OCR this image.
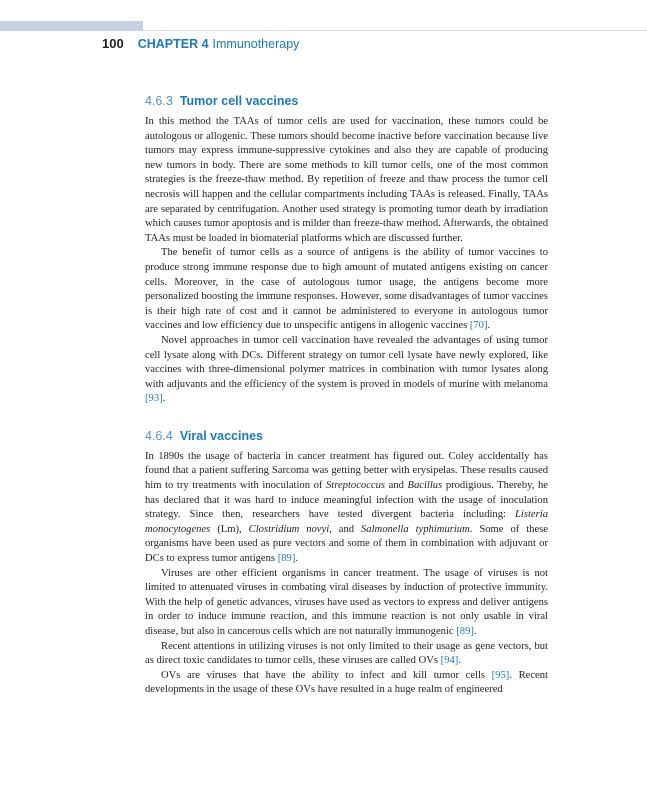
100 CHAPTER 4 Immunotherapy
4.6.3 Tumor cell vaccines

In this method the TAAs of tumor cells are used for vaccination, these tumors could be autologous or allogenic. These tumors should become inactive before vaccination because live tumors may express immune-suppressive cytokines and also they are capable of producing new tumors in body. There are some methods to kill tumor cells, one of the most common strategies is the freeze-thaw method. By repetition of freeze and thaw process the tumor cell necrosis will happen and the cellular compartments including TAAs is released. Finally, TAAs are separated by centrifugation. Another used strategy is promoting tumor death by irradiation which causes tumor apoptosis and is milder than freeze-thaw method. Afterwards, the obtained TAAs must be loaded in biomaterial platforms which are discussed further.

The benefit of tumor cells as a source of antigens is the ability of tumor vaccines to produce strong immune response due to high amount of mutated antigens existing on cancer cells. Moreover, in the case of autologous tumor usage, the antigens become more personalized boosting the immune responses. However, some disadvantages of tumor vaccines is their high rate of cost and it cannot be administered to everyone in autologous tumor vaccines and low efficiency due to unspecific antigens in allogenic vaccines [70].

Novel approaches in tumor cell vaccination have revealed the advantages of using tumor cell lysate along with DCs. Different strategy on tumor cell lysate have newly explored, like vaccines with three-dimensional polymer matrices in combination with tumor lysates along with adjuvants and the efficiency of the system is proved in models of murine with melanoma [93].

4.6.4 Viral vaccines

In 1890s the usage of bacteria in cancer treatment has figured out. Coley accidentally has found that a patient suffering Sarcoma was getting better with erysipelas. These results caused him to try treatments with inoculation of Streptococcus and Bacillus prodigious. Thereby, he has declared that it was hard to induce meaningful infection with the usage of inoculation strategy. Since then, researchers have tested divergent bacteria including: Listeria monocytogenes (Lm), Clostridium novyi, and Salmonella typhimurium. Some of these organisms have been used as pure vectors and some of them in combination with adjuvant or DCs to express tumor antigens [89].

Viruses are other efficient organisms in cancer treatment. The usage of viruses is not limited to attenuated viruses in combating viral diseases by induction of protective immunity. With the help of genetic advances, viruses have used as vectors to express and deliver antigens in order to induce immune reaction, and this immune reaction is not only usable in viral disease, but also in cancerous cells which are not naturally immunogenic [89].

Recent attentions in utilizing viruses is not only limited to their usage as gene vectors, but as direct toxic candidates to tumor cells, these viruses are called OVs [94].

OVs are viruses that have the ability to infect and kill tumor cells [95]. Recent developments in the usage of these OVs have resulted in a huge realm of engineered
